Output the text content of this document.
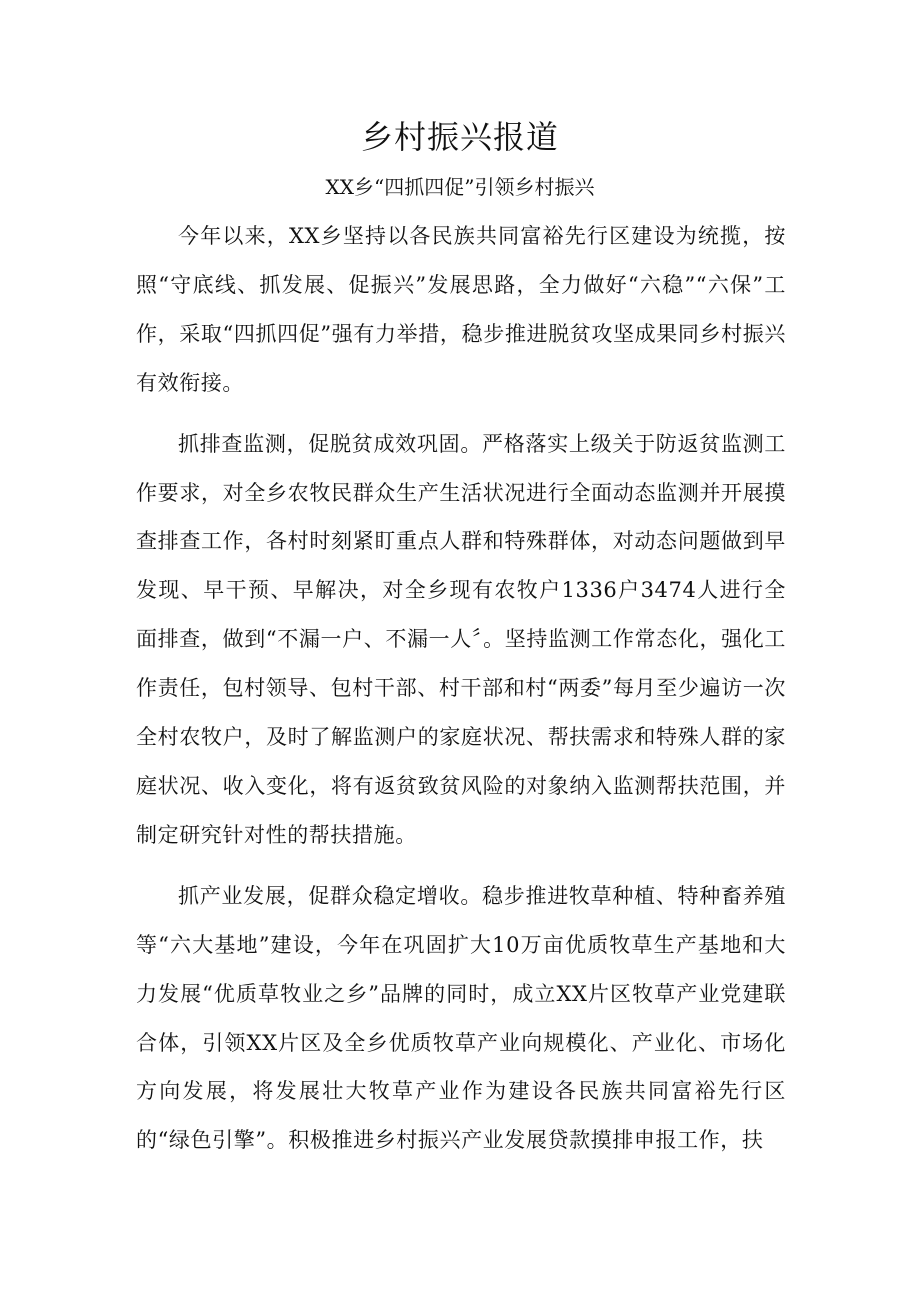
乡村振兴报道

XX乡“四抓四促”引领乡村振兴

今年以来，XX乡坚持以各民族共同富裕先行区建设为统揽，按照“守底线、抓发展、促振兴”发展思路，全力做好“六稳”“六保”工作，采取“四抓四促”强有力举措，稳步推进脱贫攻坚成果同乡村振兴有效衔接。

抓排查监测，促脱贫成效巩固。严格落实上级关于防返贫监测工作要求，对全乡农牧民群众生产生活状况进行全面动态监测并开展摸查排查工作，各村时刻紧盯重点人群和特殊群体，对动态问题做到早发现、早干预、早解决，对全乡现有农牧户1336户3474人进行全面排查，做到“不漏一户、不漏一人〞。坚持监测工作常态化，强化工作责任，包村领导、包村干部、村干部和村“两委”每月至少遍访一次全村农牧户，及时了解监测户的家庭状况、帮扶需求和特殊人群的家庭状况、收入变化，将有返贫致贫风险的对象纳入监测帮扶范围，并制定研究针对性的帮扶措施。

抓产业发展，促群众稳定增收。稳步推进牧草种植、特种畜养殖等“六大基地”建设，今年在巩固扩大10万亩优质牧草生产基地和大力发展“优质草牧业之乡”品牌的同时，成立XX片区牧草产业党建联合体，引领XX片区及全乡优质牧草产业向规模化、产业化、市场化方向发展，将发展壮大牧草产业作为建设各民族共同富裕先行区的“绿色引擎”。积极推进乡村振兴产业发展贷款摸排申报工作，扶
